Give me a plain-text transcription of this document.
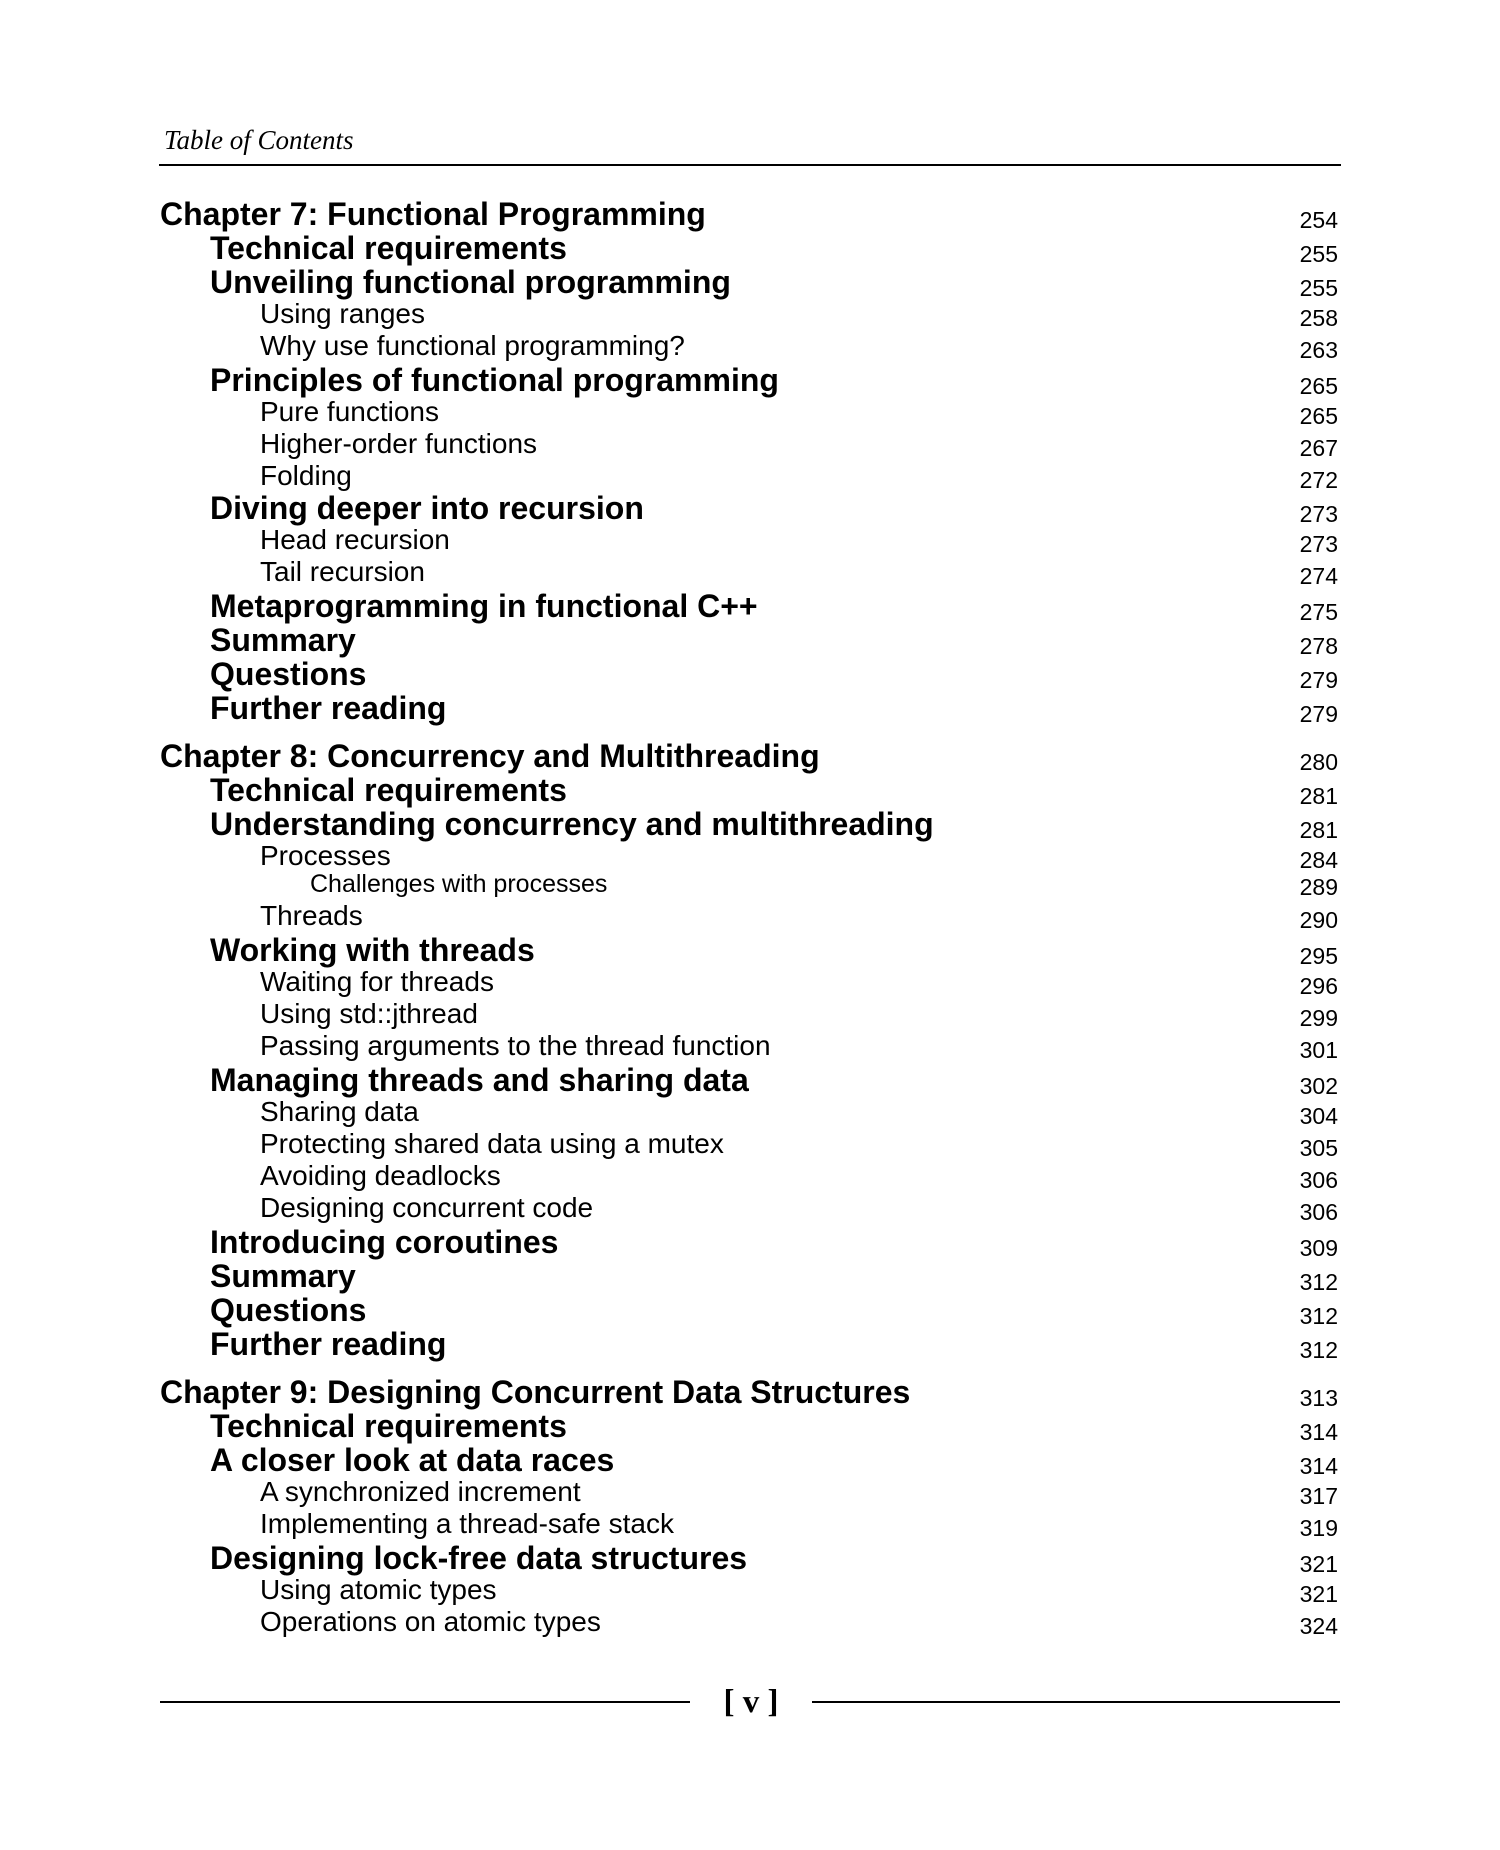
Table of Contents
Chapter 7: Functional Programming	254
Technical requirements	255
Unveiling functional programming	255
Using ranges	258
Why use functional programming?	263
Principles of functional programming	265
Pure functions	265
Higher-order functions	267
Folding	272
Diving deeper into recursion	273
Head recursion	273
Tail recursion	274
Metaprogramming in functional C++	275
Summary	278
Questions	279
Further reading	279
Chapter 8: Concurrency and Multithreading	280
Technical requirements	281
Understanding concurrency and multithreading	281
Processes	284
Challenges with processes	289
Threads	290
Working with threads	295
Waiting for threads	296
Using std::jthread	299
Passing arguments to the thread function	301
Managing threads and sharing data	302
Sharing data	304
Protecting shared data using a mutex	305
Avoiding deadlocks	306
Designing concurrent code	306
Introducing coroutines	309
Summary	312
Questions	312
Further reading	312
Chapter 9: Designing Concurrent Data Structures	313
Technical requirements	314
A closer look at data races	314
A synchronized increment	317
Implementing a thread-safe stack	319
Designing lock-free data structures	321
Using atomic types	321
Operations on atomic types	324
[ v ]
